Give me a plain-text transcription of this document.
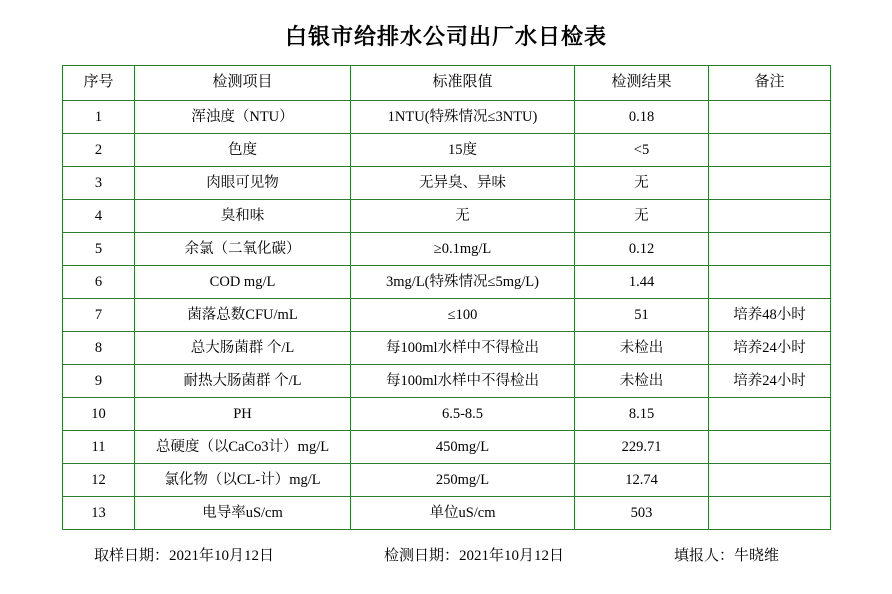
白银市给排水公司出厂水日检表
序号	检测项目	标准限值	检测结果	备注
1	浑浊度（NTU）	1NTU(特殊情况≤3NTU)	0.18	
2	色度	15度	<5	
3	肉眼可见物	无异臭、异味	无	
4	臭和味	无	无	
5	余氯（二氧化碳）	≥0.1mg/L	0.12	
6	COD mg/L	3mg/L(特殊情况≤5mg/L)	1.44	
7	菌落总数CFU/mL	≤100	51	培养48小时
8	总大肠菌群 个/L	每100ml水样中不得检出	未检出	培养24小时
9	耐热大肠菌群 个/L	每100ml水样中不得检出	未检出	培养24小时
10	PH	6.5-8.5	8.15	
11	总硬度（以CaCo3计）mg/L	450mg/L	229.71	
12	氯化物（以CL-计）mg/L	250mg/L	12.74	
13	电导率uS/cm	单位uS/cm	503	
取样日期：2021年10月12日	检测日期：2021年10月12日	填报人：牛晓维
